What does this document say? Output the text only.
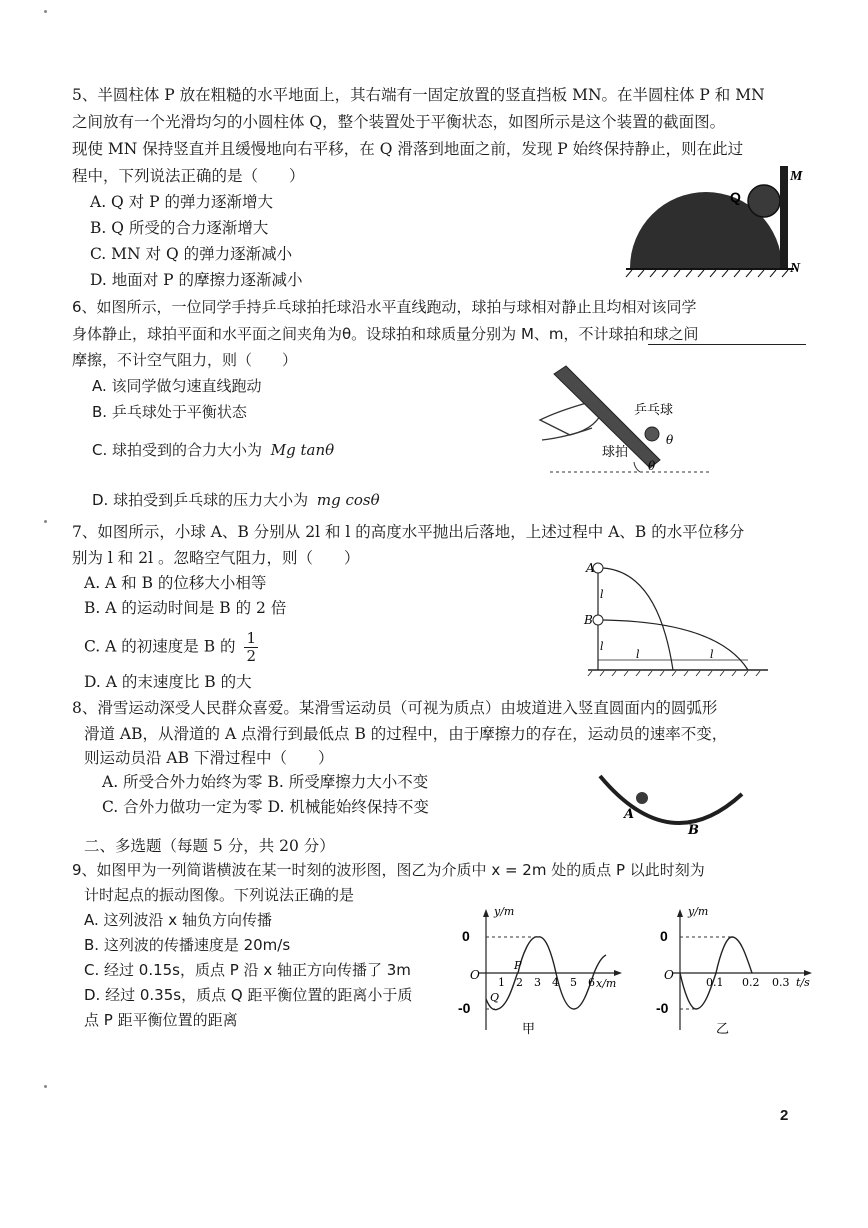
5、半圆柱体 P 放在粗糙的水平地面上，其右端有一固定放置的竖直挡板 MN。在半圆柱体 P 和 MN
之间放有一个光滑均匀的小圆柱体 Q，整个装置处于平衡状态，如图所示是这个装置的截面图。
现使 MN 保持竖直并且缓慢地向右平移，在 Q 滑落到地面之前，发现 P 始终保持静止，则在此过
程中，下列说法正确的是（　　）
A. Q 对 P 的弹力逐渐增大
B. Q 所受的合力逐渐增大
C. MN 对 Q 的弹力逐渐减小
D. 地面对 P 的摩擦力逐渐减小
Q
M
N
6、如图所示，一位同学手持乒乓球拍托球沿水平直线跑动，球拍与球相对静止且均相对该同学
身体静止，球拍平面和水平面之间夹角为θ。设球拍和球质量分别为 M、m，不计球拍和球之间
摩擦，不计空气阻力，则（　　）
A. 该同学做匀速直线跑动
B. 乒乓球处于平衡状态
C. 球拍受到的合力大小为 Mg tanθ
D. 球拍受到乒乓球的压力大小为 mg cosθ
乒乓球
球拍
θ
θ
7、如图所示，小球 A、B 分别从 2l 和 l 的高度水平抛出后落地，上述过程中 A、B 的水平位移分
别为 l 和 2l 。忽略空气阻力，则（　　）
A. A 和 B 的位移大小相等
B. A 的运动时间是 B 的 2 倍
C. A 的初速度是 B 的 $\frac{1}{2}$
D. A 的末速度比 B 的大
A
B
l
l
l	l
8、滑雪运动深受人民群众喜爱。某滑雪运动员（可视为质点）由坡道进入竖直圆面内的圆弧形
滑道 AB，从滑道的 A 点滑行到最低点 B 的过程中，由于摩擦力的存在，运动员的速率不变，
则运动员沿 AB 下滑过程中（　　）
A. 所受合外力始终为零 B. 所受摩擦力大小不变
C. 合外力做功一定为零 D. 机械能始终保持不变	A
B
二、多选题（每题 5 分，共 20 分）
9、如图甲为一列简谐横波在某一时刻的波形图，图乙为介质中 x = 2m 处的质点 P 以此时刻为
计时起点的振动图像。下列说法正确的是
A. 这列波沿 x 轴负方向传播
B. 这列波的传播速度是 20m/s
C. 经过 0.15s，质点 P 沿 x 轴正方向传播了 3m
D. 经过 0.35s，质点 Q 距平衡位置的距离小于质
点 P 距平衡位置的距离
y/m
0
-0
O
1 2 3 4 5 6 x/m
P
Q
甲
y/m
0
-0
O
0.1 0.2 0.3 t/s
乙
2
